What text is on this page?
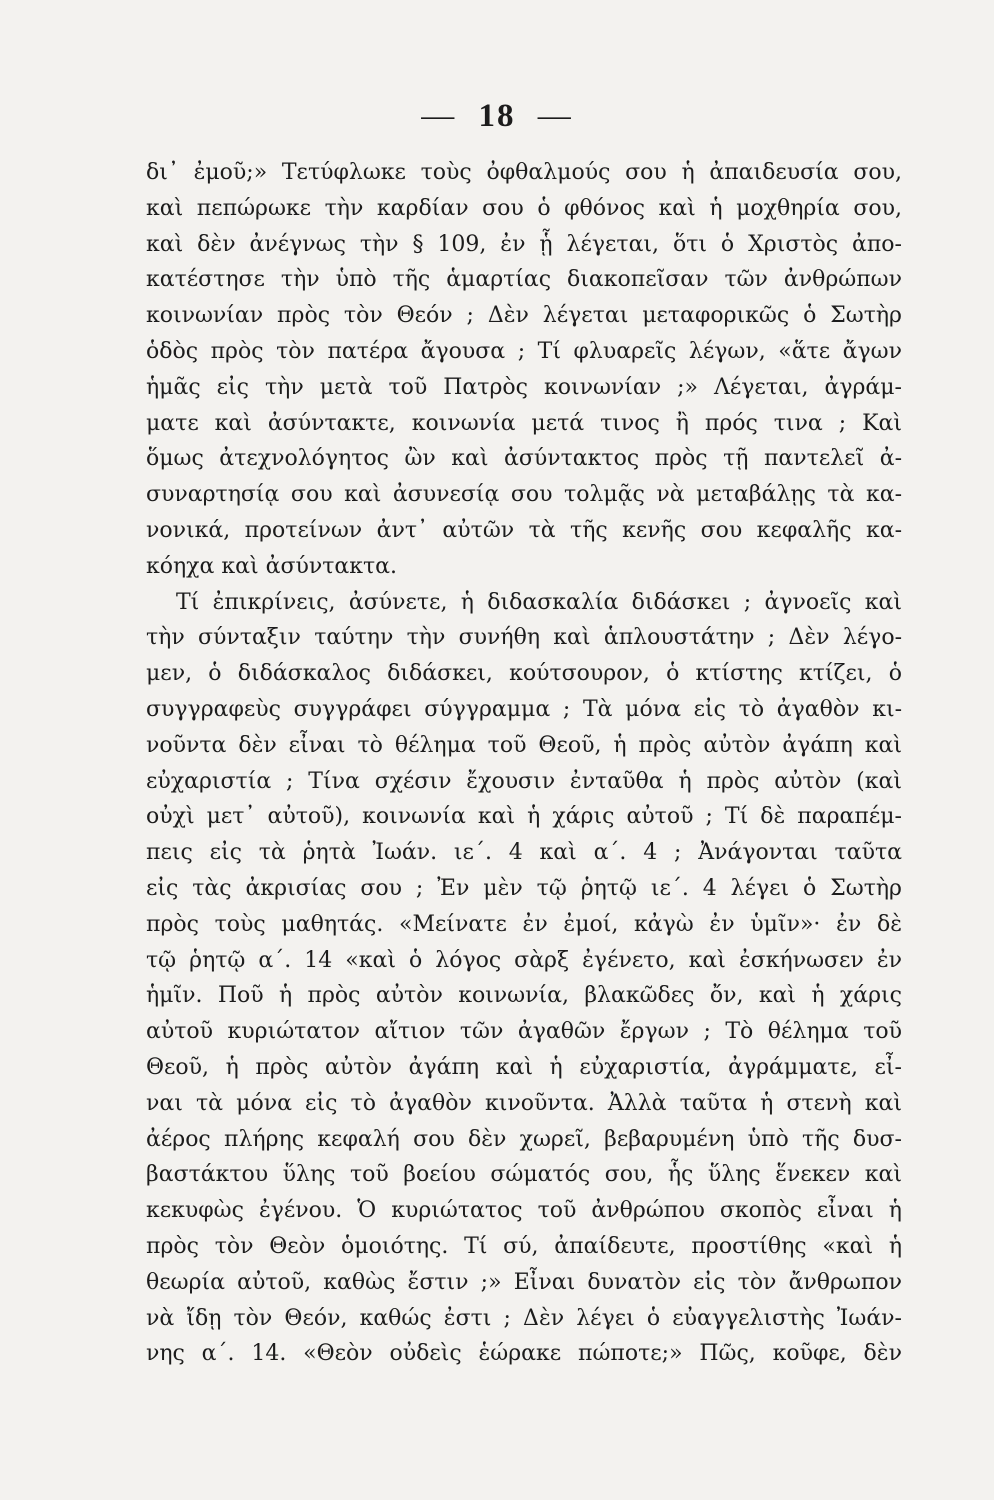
— 18 —
δι᾿ ἐμοῦ;» Τετύφλωκε τοὺς ὀφθαλμούς σου ἡ ἀπαιδευσία σου,
καὶ πεπώρωκε τὴν καρδίαν σου ὁ φθόνος καὶ ἡ μοχθηρία σου,
καὶ δὲν ἀνέγνως τὴν § 109, ἐν ᾗ λέγεται, ὅτι ὁ Χριστὸς ἀπο-
κατέστησε τὴν ὑπὸ τῆς ἁμαρτίας διακοπεῖσαν τῶν ἀνθρώπων
κοινωνίαν πρὸς τὸν Θεόν ; Δὲν λέγεται μεταφορικῶς ὁ Σωτὴρ
ὁδὸς πρὸς τὸν πατέρα ἄγουσα ; Τί φλυαρεῖς λέγων, «ἅτε ἄγων
ἡμᾶς εἰς τὴν μετὰ τοῦ Πατρὸς κοινωνίαν ;» Λέγεται, ἀγράμ-
ματε καὶ ἀσύντακτε, κοινωνία μετά τινος ἢ πρός τινα ; Καὶ
ὅμως ἀτεχνολόγητος ὢν καὶ ἀσύντακτος πρὸς τῇ παντελεῖ ἀ-
συναρτησίᾳ σου καὶ ἀσυνεσίᾳ σου τολμᾷς νὰ μεταβάλῃς τὰ κα-
νονικά, προτείνων ἀντ᾿ αὐτῶν τὰ τῆς κενῆς σου κεφαλῆς κα-
κόηχα καὶ ἀσύντακτα.
Τί ἐπικρίνεις, ἀσύνετε, ἡ διδασκαλία διδάσκει ; ἀγνοεῖς καὶ
τὴν σύνταξιν ταύτην τὴν συνήθη καὶ ἁπλουστάτην ; Δὲν λέγο-
μεν, ὁ διδάσκαλος διδάσκει, κούτσουρον, ὁ κτίστης κτίζει, ὁ
συγγραφεὺς συγγράφει σύγγραμμα ; Τὰ μόνα εἰς τὸ ἀγαθὸν κι-
νοῦντα δὲν εἶναι τὸ θέλημα τοῦ Θεοῦ, ἡ πρὸς αὐτὸν ἀγάπη καὶ
εὐχαριστία ; Τίνα σχέσιν ἔχουσιν ἐνταῦθα ἡ πρὸς αὐτὸν (καὶ
οὐχὶ μετ᾿ αὐτοῦ), κοινωνία καὶ ἡ χάρις αὐτοῦ ; Τί δὲ παραπέμ-
πεις εἰς τὰ ῥητὰ Ἰωάν. ιε΄. 4 καὶ α΄. 4 ; Ἀνάγονται ταῦτα
εἰς τὰς ἀκρισίας σου ; Ἐν μὲν τῷ ῥητῷ ιε΄. 4 λέγει ὁ Σωτὴρ
πρὸς τοὺς μαθητάς. «Μείνατε ἐν ἐμοί, κἀγὼ ἐν ὑμῖν»· ἐν δὲ
τῷ ῥητῷ α΄. 14 «καὶ ὁ λόγος σὰρξ ἐγένετο, καὶ ἐσκήνωσεν ἐν
ἡμῖν. Ποῦ ἡ πρὸς αὐτὸν κοινωνία, βλακῶδες ὄν, καὶ ἡ χάρις
αὐτοῦ κυριώτατον αἴτιον τῶν ἀγαθῶν ἔργων ; Τὸ θέλημα τοῦ
Θεοῦ, ἡ πρὸς αὐτὸν ἀγάπη καὶ ἡ εὐχαριστία, ἀγράμματε, εἶ-
ναι τὰ μόνα εἰς τὸ ἀγαθὸν κινοῦντα. Ἀλλὰ ταῦτα ἡ στενὴ καὶ
ἀέρος πλήρης κεφαλή σου δὲν χωρεῖ, βεβαρυμένη ὑπὸ τῆς δυσ-
βαστάκτου ὕλης τοῦ βοείου σώματός σου, ἧς ὕλης ἕνεκεν καὶ
κεκυφὼς ἐγένου. Ὁ κυριώτατος τοῦ ἀνθρώπου σκοπὸς εἶναι ἡ
πρὸς τὸν Θεὸν ὁμοιότης. Τί σύ, ἀπαίδευτε, προστίθης «καὶ ἡ
θεωρία αὐτοῦ, καθὼς ἔστιν ;» Εἶναι δυνατὸν εἰς τὸν ἄνθρωπον
νὰ ἴδῃ τὸν Θεόν, καθώς ἐστι ; Δὲν λέγει ὁ εὐαγγελιστὴς Ἰωάν-
νης α΄. 14. «Θεὸν οὐδεὶς ἑώρακε πώποτε;» Πῶς, κοῦφε, δὲν
